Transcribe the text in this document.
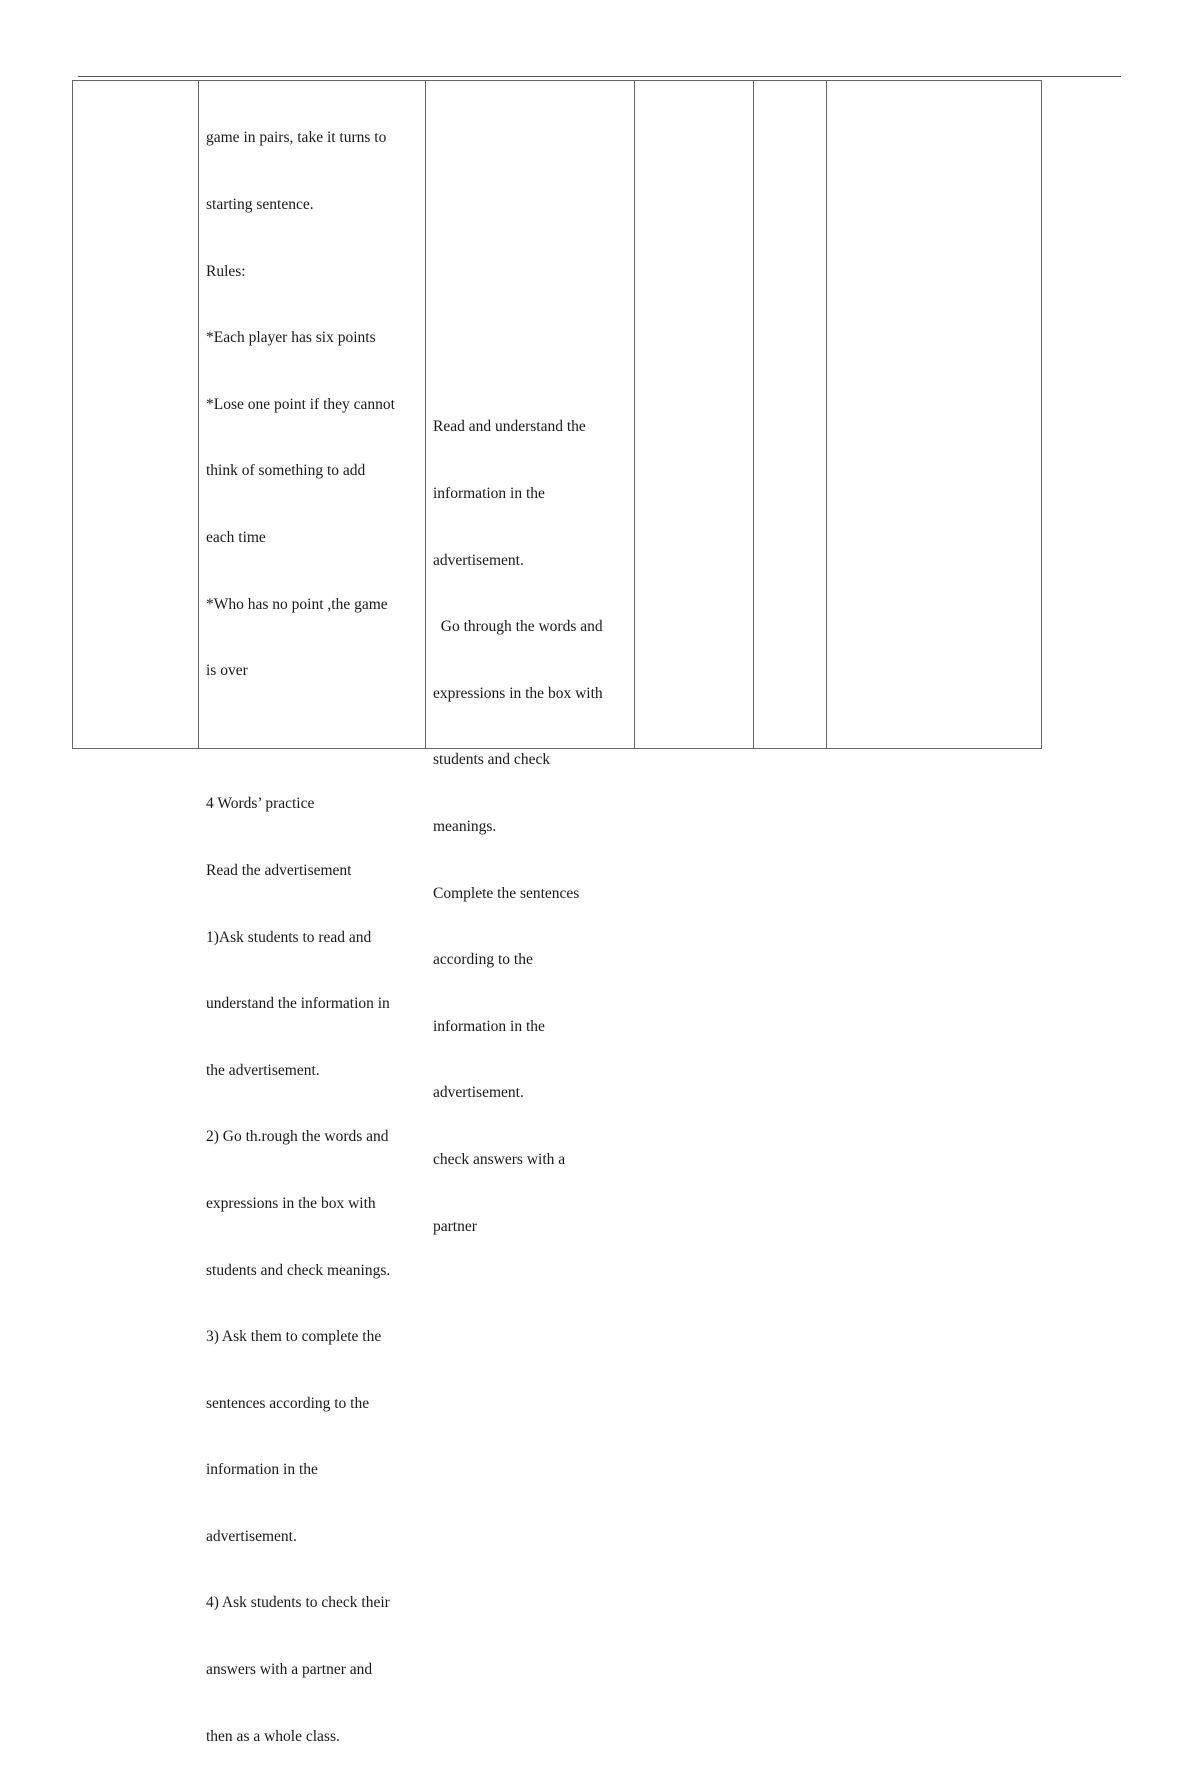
game in pairs, take it turns to

starting sentence.

Rules:

*Each player has six points

*Lose one point if they cannot

think of something to add

each time

*Who has no point ,the game

is over

4 Words’ practice

Read the advertisement

1)Ask students to read and

understand the information in

the advertisement.

2) Go th.rough the words and

expressions in the box with

students and check meanings.

3) Ask them to complete the

sentences according to the

information in the

advertisement.

4) Ask students to check their

answers with a partner and

then as a whole class.

Read and understand the

information in the

advertisement.

Go through the words and

expressions in the box with

students and check

meanings.

Complete the sentences

according to the

information in the

advertisement.

check answers with a

partner
